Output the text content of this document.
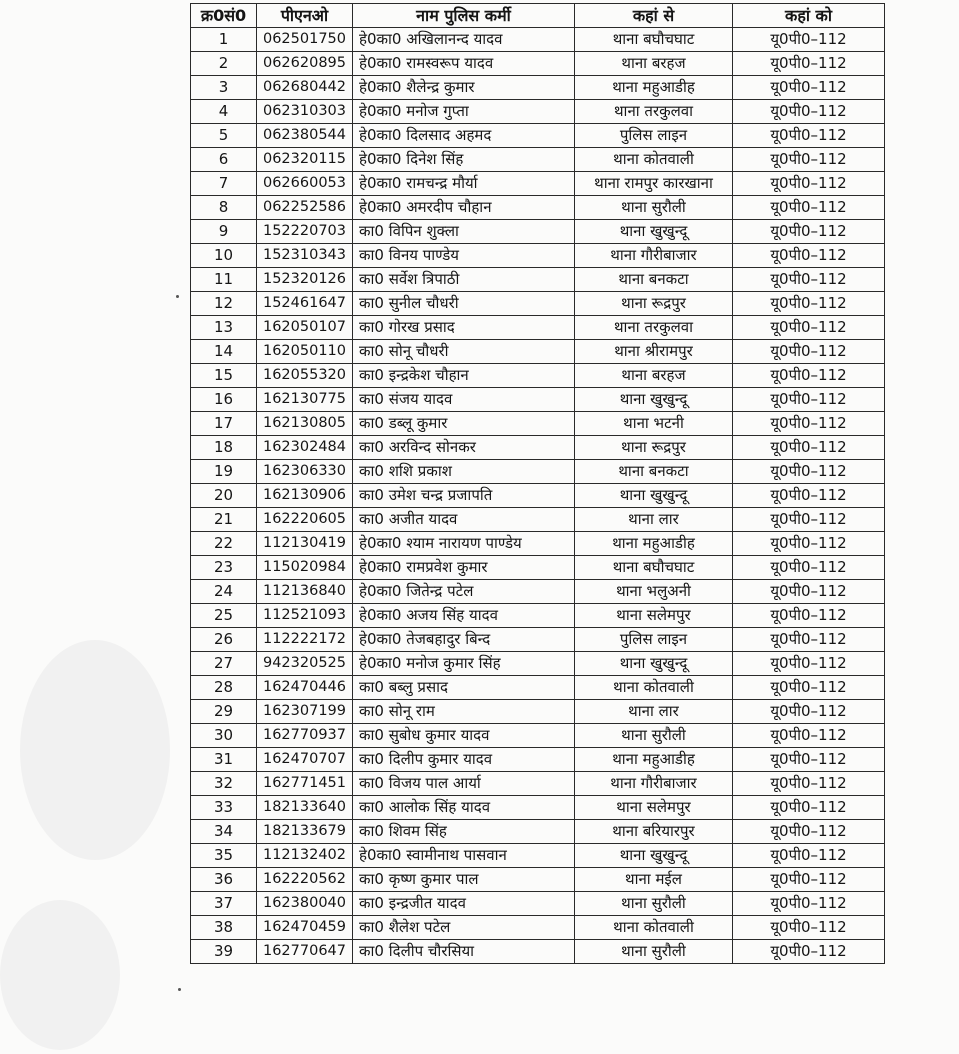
क्र0सं0	पीएनओ	नाम पुलिस कर्मी	कहां से	कहां को
1	062501750	हे0का0 अखिलानन्द यादव	थाना बघौचघाट	यू0पी0–112
2	062620895	हे0का0 रामस्वरूप यादव	थाना बरहज	यू0पी0–112
3	062680442	हे0का0 शैलेन्द्र कुमार	थाना महुआडीह	यू0पी0–112
4	062310303	हे0का0 मनोज गुप्ता	थाना तरकुलवा	यू0पी0–112
5	062380544	हे0का0 दिलसाद अहमद	पुलिस लाइन	यू0पी0–112
6	062320115	हे0का0 दिनेश सिंह	थाना कोतवाली	यू0पी0–112
7	062660053	हे0का0 रामचन्द्र मौर्या	थाना रामपुर कारखाना	यू0पी0–112
8	062252586	हे0का0 अमरदीप चौहान	थाना सुरौली	यू0पी0–112
9	152220703	का0 विपिन शुक्ला	थाना खुखुन्दू	यू0पी0–112
10	152310343	का0 विनय पाण्डेय	थाना गौरीबाजार	यू0पी0–112
11	152320126	का0 सर्वेश त्रिपाठी	थाना बनकटा	यू0पी0–112
12	152461647	का0 सुनील चौधरी	थाना रूद्रपुर	यू0पी0–112
13	162050107	का0 गोरख प्रसाद	थाना तरकुलवा	यू0पी0–112
14	162050110	का0 सोनू चौधरी	थाना श्रीरामपुर	यू0पी0–112
15	162055320	का0 इन्द्रकेश चौहान	थाना बरहज	यू0पी0–112
16	162130775	का0 संजय यादव	थाना खुखुन्दू	यू0पी0–112
17	162130805	का0 डब्लू कुमार	थाना भटनी	यू0पी0–112
18	162302484	का0 अरविन्द सोनकर	थाना रूद्रपुर	यू0पी0–112
19	162306330	का0 शशि प्रकाश	थाना बनकटा	यू0पी0–112
20	162130906	का0 उमेश चन्द्र प्रजापति	थाना खुखुन्दू	यू0पी0–112
21	162220605	का0 अजीत यादव	थाना लार	यू0पी0–112
22	112130419	हे0का0 श्याम नारायण पाण्डेय	थाना महुआडीह	यू0पी0–112
23	115020984	हे0का0 रामप्रवेश कुमार	थाना बघौचघाट	यू0पी0–112
24	112136840	हे0का0 जितेन्द्र पटेल	थाना भलुअनी	यू0पी0–112
25	112521093	हे0का0 अजय सिंह यादव	थाना सलेमपुर	यू0पी0–112
26	112222172	हे0का0 तेजबहादुर बिन्द	पुलिस लाइन	यू0पी0–112
27	942320525	हे0का0 मनोज कुमार सिंह	थाना खुखुन्दू	यू0पी0–112
28	162470446	का0 बब्लु प्रसाद	थाना कोतवाली	यू0पी0–112
29	162307199	का0 सोनू राम	थाना लार	यू0पी0–112
30	162770937	का0 सुबोध कुमार यादव	थाना सुरौली	यू0पी0–112
31	162470707	का0 दिलीप कुमार यादव	थाना महुआडीह	यू0पी0–112
32	162771451	का0 विजय पाल आर्या	थाना गौरीबाजार	यू0पी0–112
33	182133640	का0 आलोक सिंह यादव	थाना सलेमपुर	यू0पी0–112
34	182133679	का0 शिवम सिंह	थाना बरियारपुर	यू0पी0–112
35	112132402	हे0का0 स्वामीनाथ पासवान	थाना खुखुन्दू	यू0पी0–112
36	162220562	का0 कृष्ण कुमार पाल	थाना मईल	यू0पी0–112
37	162380040	का0 इन्द्रजीत यादव	थाना सुरौली	यू0पी0–112
38	162470459	का0 शैलेश पटेल	थाना कोतवाली	यू0पी0–112
39	162770647	का0 दिलीप चौरसिया	थाना सुरौली	यू0पी0–112
